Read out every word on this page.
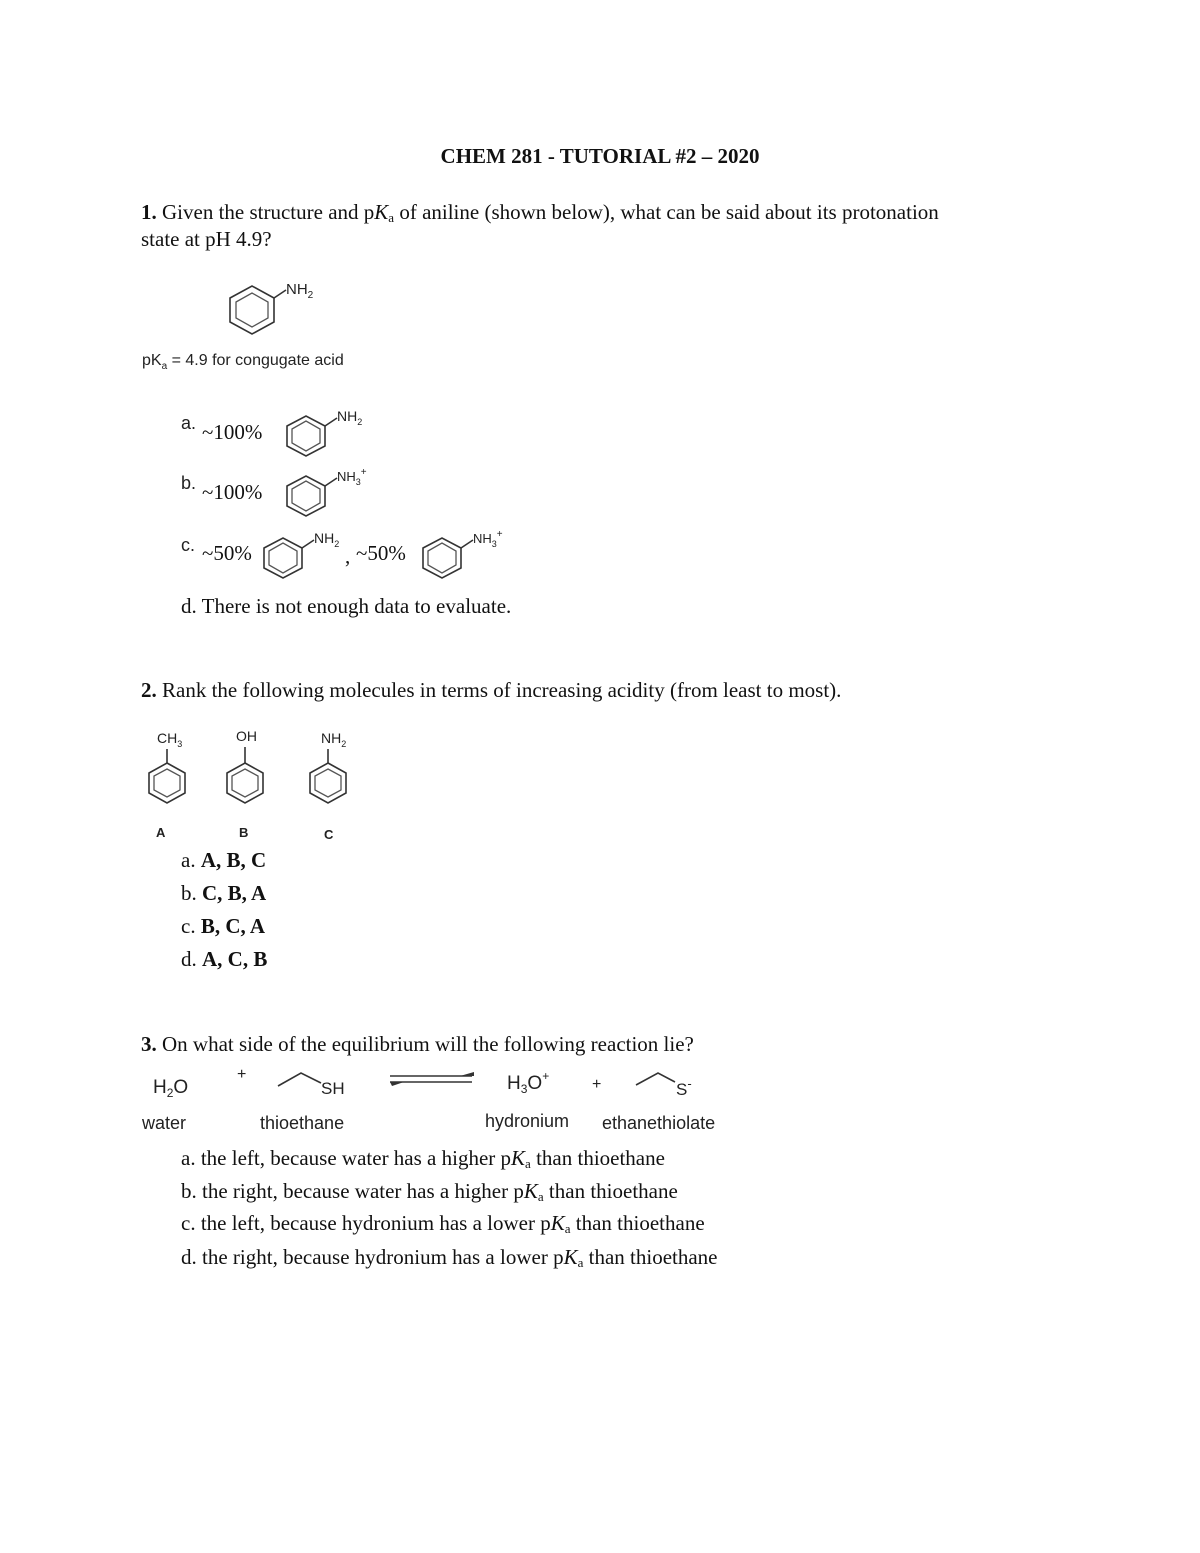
CHEM 281 - TUTORIAL #2 – 2020
1. Given the structure and $pK_a$ of aniline (shown below), what can be said about its protonation
state at pH 4.9?
$NH_2$
$pK_a = 4.9$ for congugate acid
a. ~100%
$NH_2$
b. ~100%
$NH_3^+$
c. ~50%
$NH_2$ , ~50%
$NH_3^+$
d. There is not enough data to evaluate.
2. Rank the following molecules in terms of increasing acidity (from least to most).
$CH_3$
A
OH
B
$NH_2$
C
a. A, B, C
b. C, B, A
c. B, C, A
d. A, C, B
3. On what side of the equilibrium will the following reaction lie?
$H_2O$
+
SH	$H_3O^+$	+	S-
water	thioethane	hydronium ethanethiolate
a. the left, because water has a higher $pK_a$ than thioethane
b. the right, because water has a higher $pK_a$ than thioethane
c. the left, because hydronium has a lower $pK_a$ than thioethane
d. the right, because hydronium has a lower $pK_a$ than thioethane
